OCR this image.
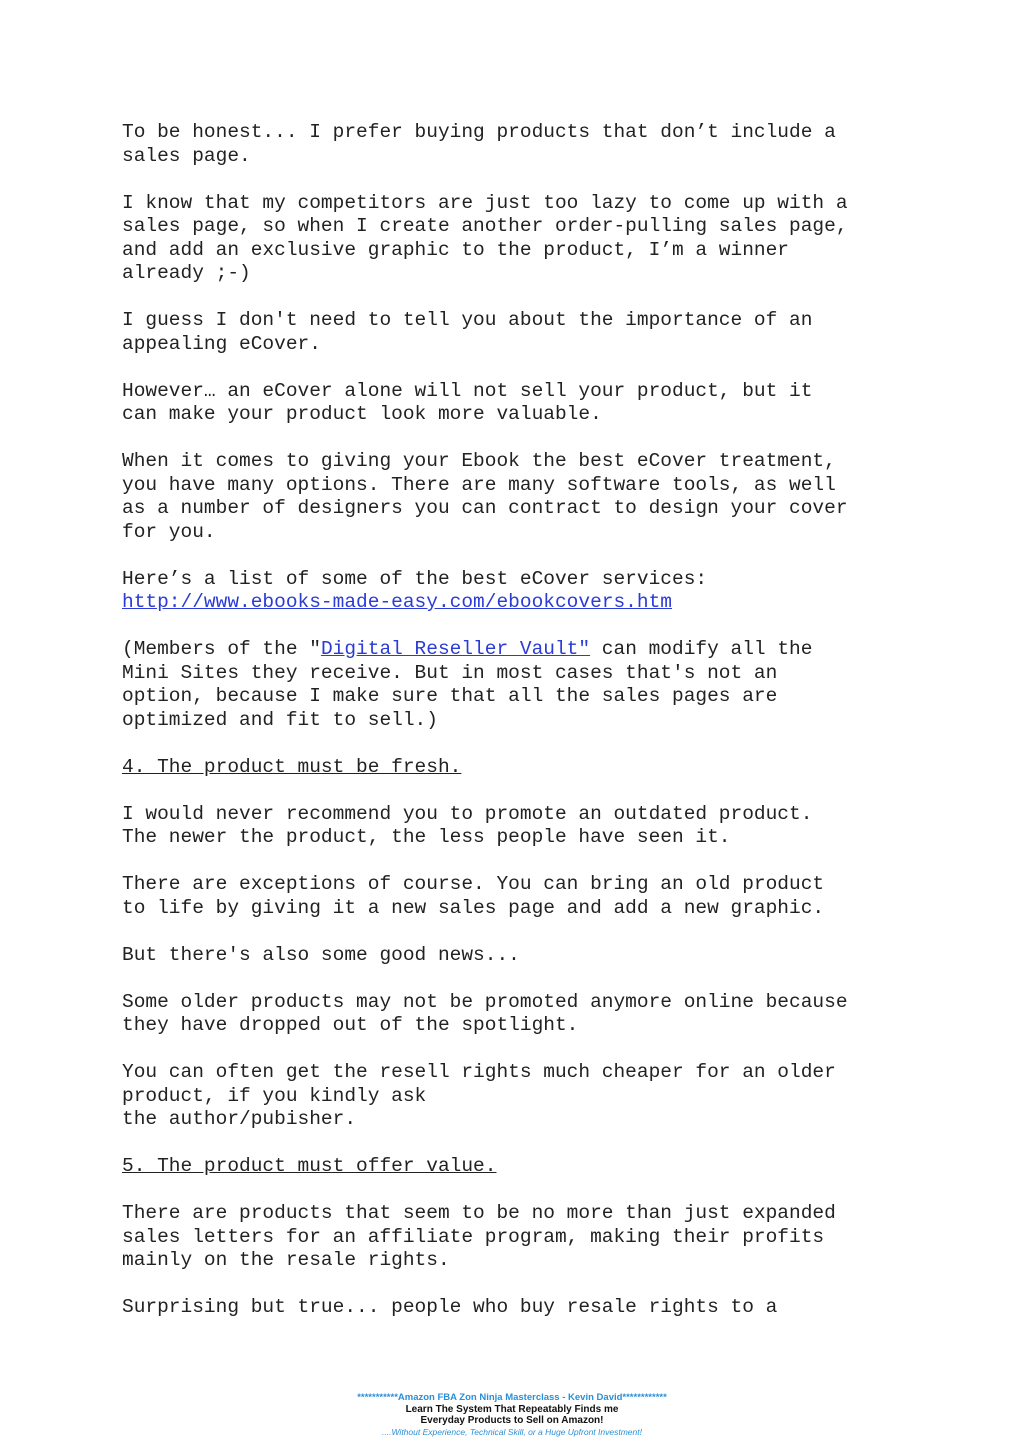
To be honest... I prefer buying products that don’t include a
sales page.

I know that my competitors are just too lazy to come up with a
sales page, so when I create another order-pulling sales page,
and add an exclusive graphic to the product, I’m a winner
already ;-)

I guess I don't need to tell you about the importance of an
appealing eCover.

However… an eCover alone will not sell your product, but it
can make your product look more valuable.

When it comes to giving your Ebook the best eCover treatment,
you have many options. There are many software tools, as well
as a number of designers you can contract to design your cover
for you.

Here’s a list of some of the best eCover services:
http://www.ebooks-made-easy.com/ebookcovers.htm

(Members of the "Digital Reseller Vault" can modify all the
Mini Sites they receive. But in most cases that's not an
option, because I make sure that all the sales pages are
optimized and fit to sell.)

4. The product must be fresh.

I would never recommend you to promote an outdated product.
The newer the product, the less people have seen it.

There are exceptions of course. You can bring an old product
to life by giving it a new sales page and add a new graphic.

But there's also some good news...

Some older products may not be promoted anymore online because
they have dropped out of the spotlight.

You can often get the resell rights much cheaper for an older
product, if you kindly ask
the author/pubisher.

5. The product must offer value.

There are products that seem to be no more than just expanded
sales letters for an affiliate program, making their profits
mainly on the resale rights.

Surprising but true... people who buy resale rights to a

***********Amazon FBA Zon Ninja Masterclass - Kevin David************
Learn The System That Repeatably Finds me
Everyday Products to Sell on Amazon!
....Without Experience, Technical Skill, or a Huge Upfront Investment!
